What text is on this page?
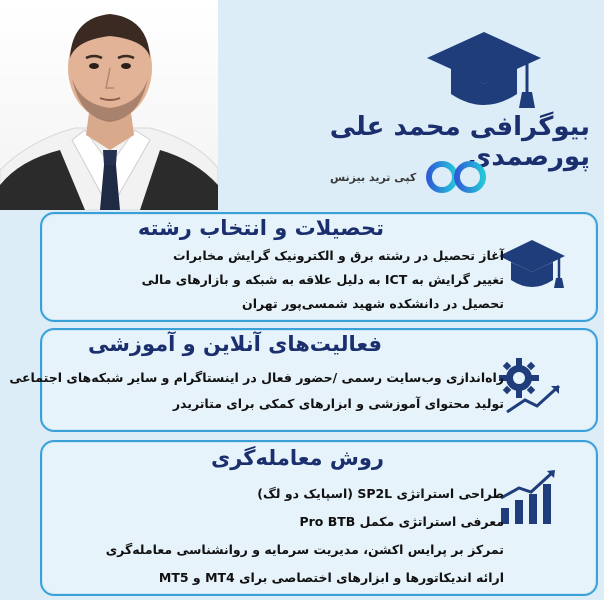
بیوگرافی محمد علی پورصمدی
کپی ترید بیزنس
تحصیلات و انتخاب رشته

آغاز تحصیل در رشته برق و الکترونیک گرایش مخابرات

تغییر گرایش به ICT به دلیل علاقه به شبکه و بازارهای مالی

تحصیل در دانشکده شهید شمسی‌پور تهران

فعالیت‌های آنلاین و آموزشی

راه‌اندازی وب‌سایت رسمی /حضور فعال در اینستاگرام و سایر شبکه‌های اجتماعی

تولید محتوای آموزشی و ابزارهای کمکی برای متاتریدر

روش معامله‌گری

طراحی استراتژی SP2L (اسپایک دو لگ)

معرفی استراتژی مکمل Pro BTB

تمرکز بر پرایس اکشن، مدیریت سرمایه و روانشناسی معامله‌گری

ارائه اندیکاتورها و ابزارهای اختصاصی برای MT4 و MT5
